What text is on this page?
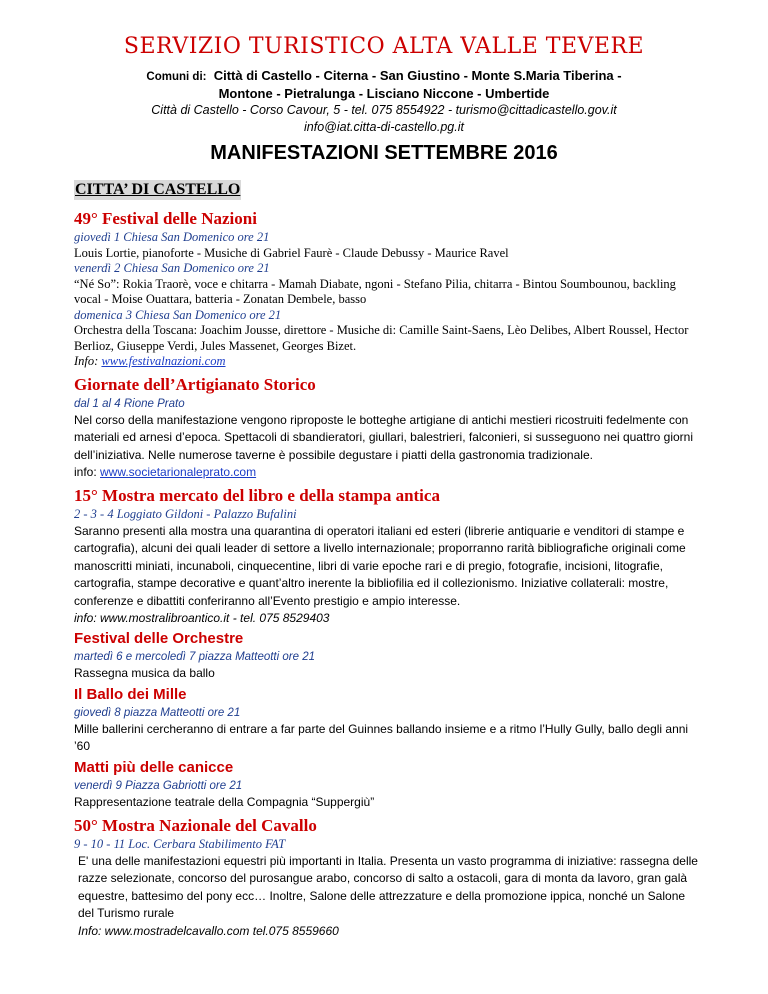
SERVIZIO TURISTICO ALTA VALLE TEVERE
Comuni di: Città di Castello - Citerna - San Giustino - Monte S.Maria Tiberina -
Montone - Pietralunga - Lisciano Niccone - Umbertide
Città di Castello - Corso Cavour, 5 - tel. 075 8554922 - turismo@cittadicastello.gov.it
info@iat.citta-di-castello.pg.it
MANIFESTAZIONI SETTEMBRE 2016
CITTA’ DI CASTELLO
49° Festival delle Nazioni
giovedì 1 Chiesa San Domenico ore 21
Louis Lortie, pianoforte - Musiche di Gabriel Faurè - Claude Debussy - Maurice Ravel
venerdì 2 Chiesa San Domenico ore 21
“Né So”: Rokia Traorè, voce e chitarra - Mamah Diabate, ngoni - Stefano Pilia, chitarra - Bintou Soumbounou, backling vocal - Moise Ouattara, batteria - Zonatan Dembele, basso
domenica 3 Chiesa San Domenico ore 21
Orchestra della Toscana: Joachim Jousse, direttore - Musiche di: Camille Saint-Saens, Lèo Delibes, Albert Roussel, Hector Berlioz, Giuseppe Verdi, Jules Massenet, Georges Bizet.
Info: www.festivalnazioni.com
Giornate dell’Artigianato Storico
dal 1 al 4 Rione Prato
Nel corso della manifestazione vengono riproposte le botteghe artigiane di antichi mestieri ricostruiti fedelmente con materiali ed arnesi d’epoca. Spettacoli di sbandieratori, giullari, balestrieri, falconieri, si susseguono nei quattro giorni dell’iniziativa. Nelle numerose taverne è possibile degustare i piatti della gastronomia tradizionale.
info: www.societarionaleprato.com
15° Mostra mercato del libro e della stampa antica
2 - 3 - 4 Loggiato Gildoni - Palazzo Bufalini
Saranno presenti alla mostra una quarantina di operatori italiani ed esteri (librerie antiquarie e venditori di stampe e cartografia), alcuni dei quali leader di settore a livello internazionale; proporranno rarità bibliografiche originali come manoscritti miniati, incunaboli, cinquecentine, libri di varie epoche rari e di pregio, fotografie, incisioni, litografie, cartografia, stampe decorative e quant’altro inerente la bibliofilia ed il collezionismo. Iniziative collaterali: mostre, conferenze e dibattiti conferiranno all’Evento prestigio e ampio interesse.
info: www.mostralibroantico.it - tel. 075 8529403
Festival delle Orchestre
martedì 6 e mercoledì 7 piazza Matteotti ore 21
Rassegna musica da ballo
Il Ballo dei Mille
giovedì 8 piazza Matteotti ore 21
Mille ballerini cercheranno di entrare a far parte del Guinnes ballando insieme e a ritmo l’Hully Gully, ballo degli anni ’60
Matti più delle canicce
venerdì 9 Piazza Gabriotti ore 21
Rappresentazione teatrale della Compagnia “Suppergiù”
50° Mostra Nazionale del Cavallo
9 - 10 - 11 Loc. Cerbara Stabilimento FAT
E' una delle manifestazioni equestri più importanti in Italia. Presenta un vasto programma di iniziative: rassegna delle razze selezionate, concorso del purosangue arabo, concorso di salto a ostacoli, gara di monta da lavoro, gran galà equestre, battesimo del pony ecc… Inoltre, Salone delle attrezzature e della promozione ippica, nonché un Salone del Turismo rurale
Info: www.mostradelcavallo.com tel.075 8559660
